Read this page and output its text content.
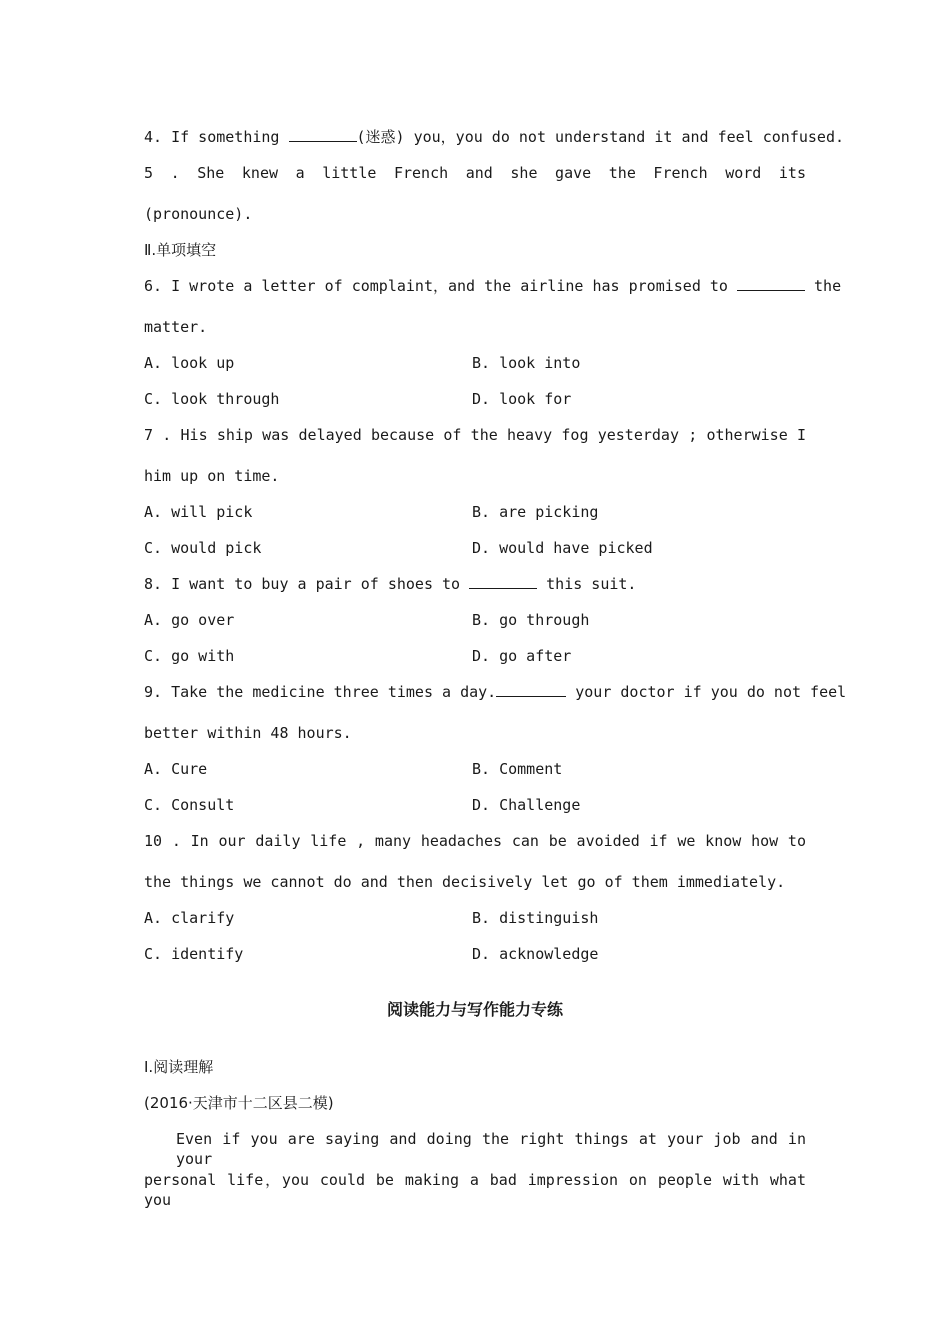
4. If something	(迷惑) you，you do not understand it and feel confused.
5 . She knew a little French and she gave the French word its
(pronounce).
Ⅱ.单项填空
6. I wrote a letter of complaint，and the airline has promised to	the
matter.
A. look up	B. look into
C. look through	D. look for
7 . His ship was delayed because of the heavy fog yesterday ; otherwise I
him up on time.
A. will pick	B. are picking
C. would pick	D. would have picked
8. I want to buy a pair of shoes to	this suit.
A. go over	B. go through
C. go with	D. go after
9. Take the medicine three times a day.	your doctor if you do not feel
better within 48 hours.
A. Cure	B. Comment
C. Consult	D. Challenge
10 . In our daily life , many headaches can be avoided if we know how to
the things we cannot do and then decisively let go of them immediately.
A. clarify	B. distinguish
C. identify	D. acknowledge
阅读能力与写作能力专练
Ⅰ.阅读理解
(2016·天津市十二区县二模)
Even if you are saying and doing the right things at your job and in your
personal life，you could be making a bad impression on people with what you
